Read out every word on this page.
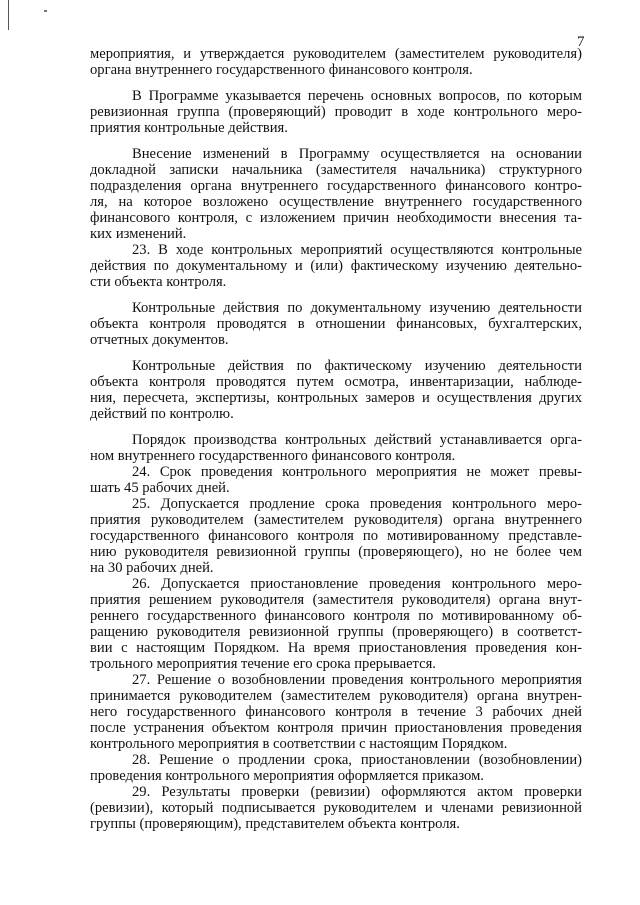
7

мероприятия, и утверждается руководителем (заместителем руководителя)
органа внутреннего государственного финансового контроля.

В Программе указывается перечень основных вопросов, по которым
ревизионная группа (проверяющий) проводит в ходе контрольного меро-
приятия контрольные действия.

Внесение изменений в Программу осуществляется на основании
докладной записки начальника (заместителя начальника) структурного
подразделения органа внутреннего государственного финансового контро-
ля, на которое возложено осуществление внутреннего государственного
финансового контроля, с изложением причин необходимости внесения та-
ких изменений.

23. В ходе контрольных мероприятий осуществляются контрольные
действия по документальному и (или) фактическому изучению деятельно-
сти объекта контроля.

Контрольные действия по документальному изучению деятельности
объекта контроля проводятся в отношении финансовых, бухгалтерских,
отчетных документов.

Контрольные действия по фактическому изучению деятельности
объекта контроля проводятся путем осмотра, инвентаризации, наблюде-
ния, пересчета, экспертизы, контрольных замеров и осуществления других
действий по контролю.

Порядок производства контрольных действий устанавливается орга-
ном внутреннего государственного финансового контроля.

24. Срок проведения контрольного мероприятия не может превы-
шать 45 рабочих дней.

25. Допускается продление срока проведения контрольного меро-
приятия руководителем (заместителем руководителя) органа внутреннего
государственного финансового контроля по мотивированному представле-
нию руководителя ревизионной группы (проверяющего), но не более чем
на 30 рабочих дней.

26. Допускается приостановление проведения контрольного меро-
приятия решением руководителя (заместителя руководителя) органа внут-
реннего государственного финансового контроля по мотивированному об-
ращению руководителя ревизионной группы (проверяющего) в соответст-
вии с настоящим Порядком. На время приостановления проведения кон-
трольного мероприятия течение его срока прерывается.

27. Решение о возобновлении проведения контрольного мероприятия
принимается руководителем (заместителем руководителя) органа внутрен-
него государственного финансового контроля в течение 3 рабочих дней
после устранения объектом контроля причин приостановления проведения
контрольного мероприятия в соответствии с настоящим Порядком.

28. Решение о продлении срока, приостановлении (возобновлении)
проведения контрольного мероприятия оформляется приказом.

29. Результаты проверки (ревизии) оформляются актом проверки
(ревизии), который подписывается руководителем и членами ревизионной
группы (проверяющим), представителем объекта контроля.
